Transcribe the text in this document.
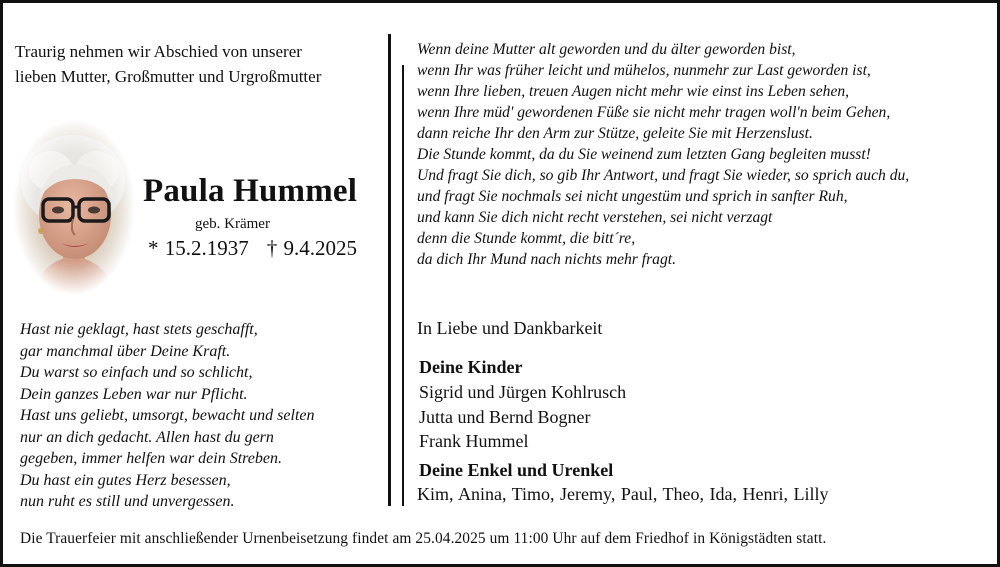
Traurig nehmen wir Abschied von unserer
lieben Mutter, Großmutter und Urgroßmutter
Paula Hummel
geb. Krämer
* 15.2.1937 † 9.4.2025
Hast nie geklagt, hast stets geschafft,
gar manchmal über Deine Kraft.
Du warst so einfach und so schlicht,
Dein ganzes Leben war nur Pflicht.
Hast uns geliebt, umsorgt, bewacht und selten
nur an dich gedacht. Allen hast du gern
gegeben, immer helfen war dein Streben.
Du hast ein gutes Herz besessen,
nun ruht es still und unvergessen.
Wenn deine Mutter alt geworden und du älter geworden bist,
wenn Ihr was früher leicht und mühelos, nunmehr zur Last geworden ist,
wenn Ihre lieben, treuen Augen nicht mehr wie einst ins Leben sehen,
wenn Ihre müd' gewordenen Füße sie nicht mehr tragen woll'n beim Gehen,
dann reiche Ihr den Arm zur Stütze, geleite Sie mit Herzenslust.
Die Stunde kommt, da du Sie weinend zum letzten Gang begleiten musst!
Und fragt Sie dich, so gib Ihr Antwort, und fragt Sie wieder, so sprich auch du,
und fragt Sie nochmals sei nicht ungestüm und sprich in sanfter Ruh,
und kann Sie dich nicht recht verstehen, sei nicht verzagt
denn die Stunde kommt, die bitt´re,
da dich Ihr Mund nach nichts mehr fragt.
In Liebe und Dankbarkeit
Deine Kinder
Sigrid und Jürgen Kohlrusch
Jutta und Bernd Bogner
Frank Hummel
Deine Enkel und Urenkel
Kim, Anina, Timo, Jeremy, Paul, Theo, Ida, Henri, Lilly
Die Trauerfeier mit anschließender Urnenbeisetzung findet am 25.04.2025 um 11:00 Uhr auf dem Friedhof in Königstädten statt.
